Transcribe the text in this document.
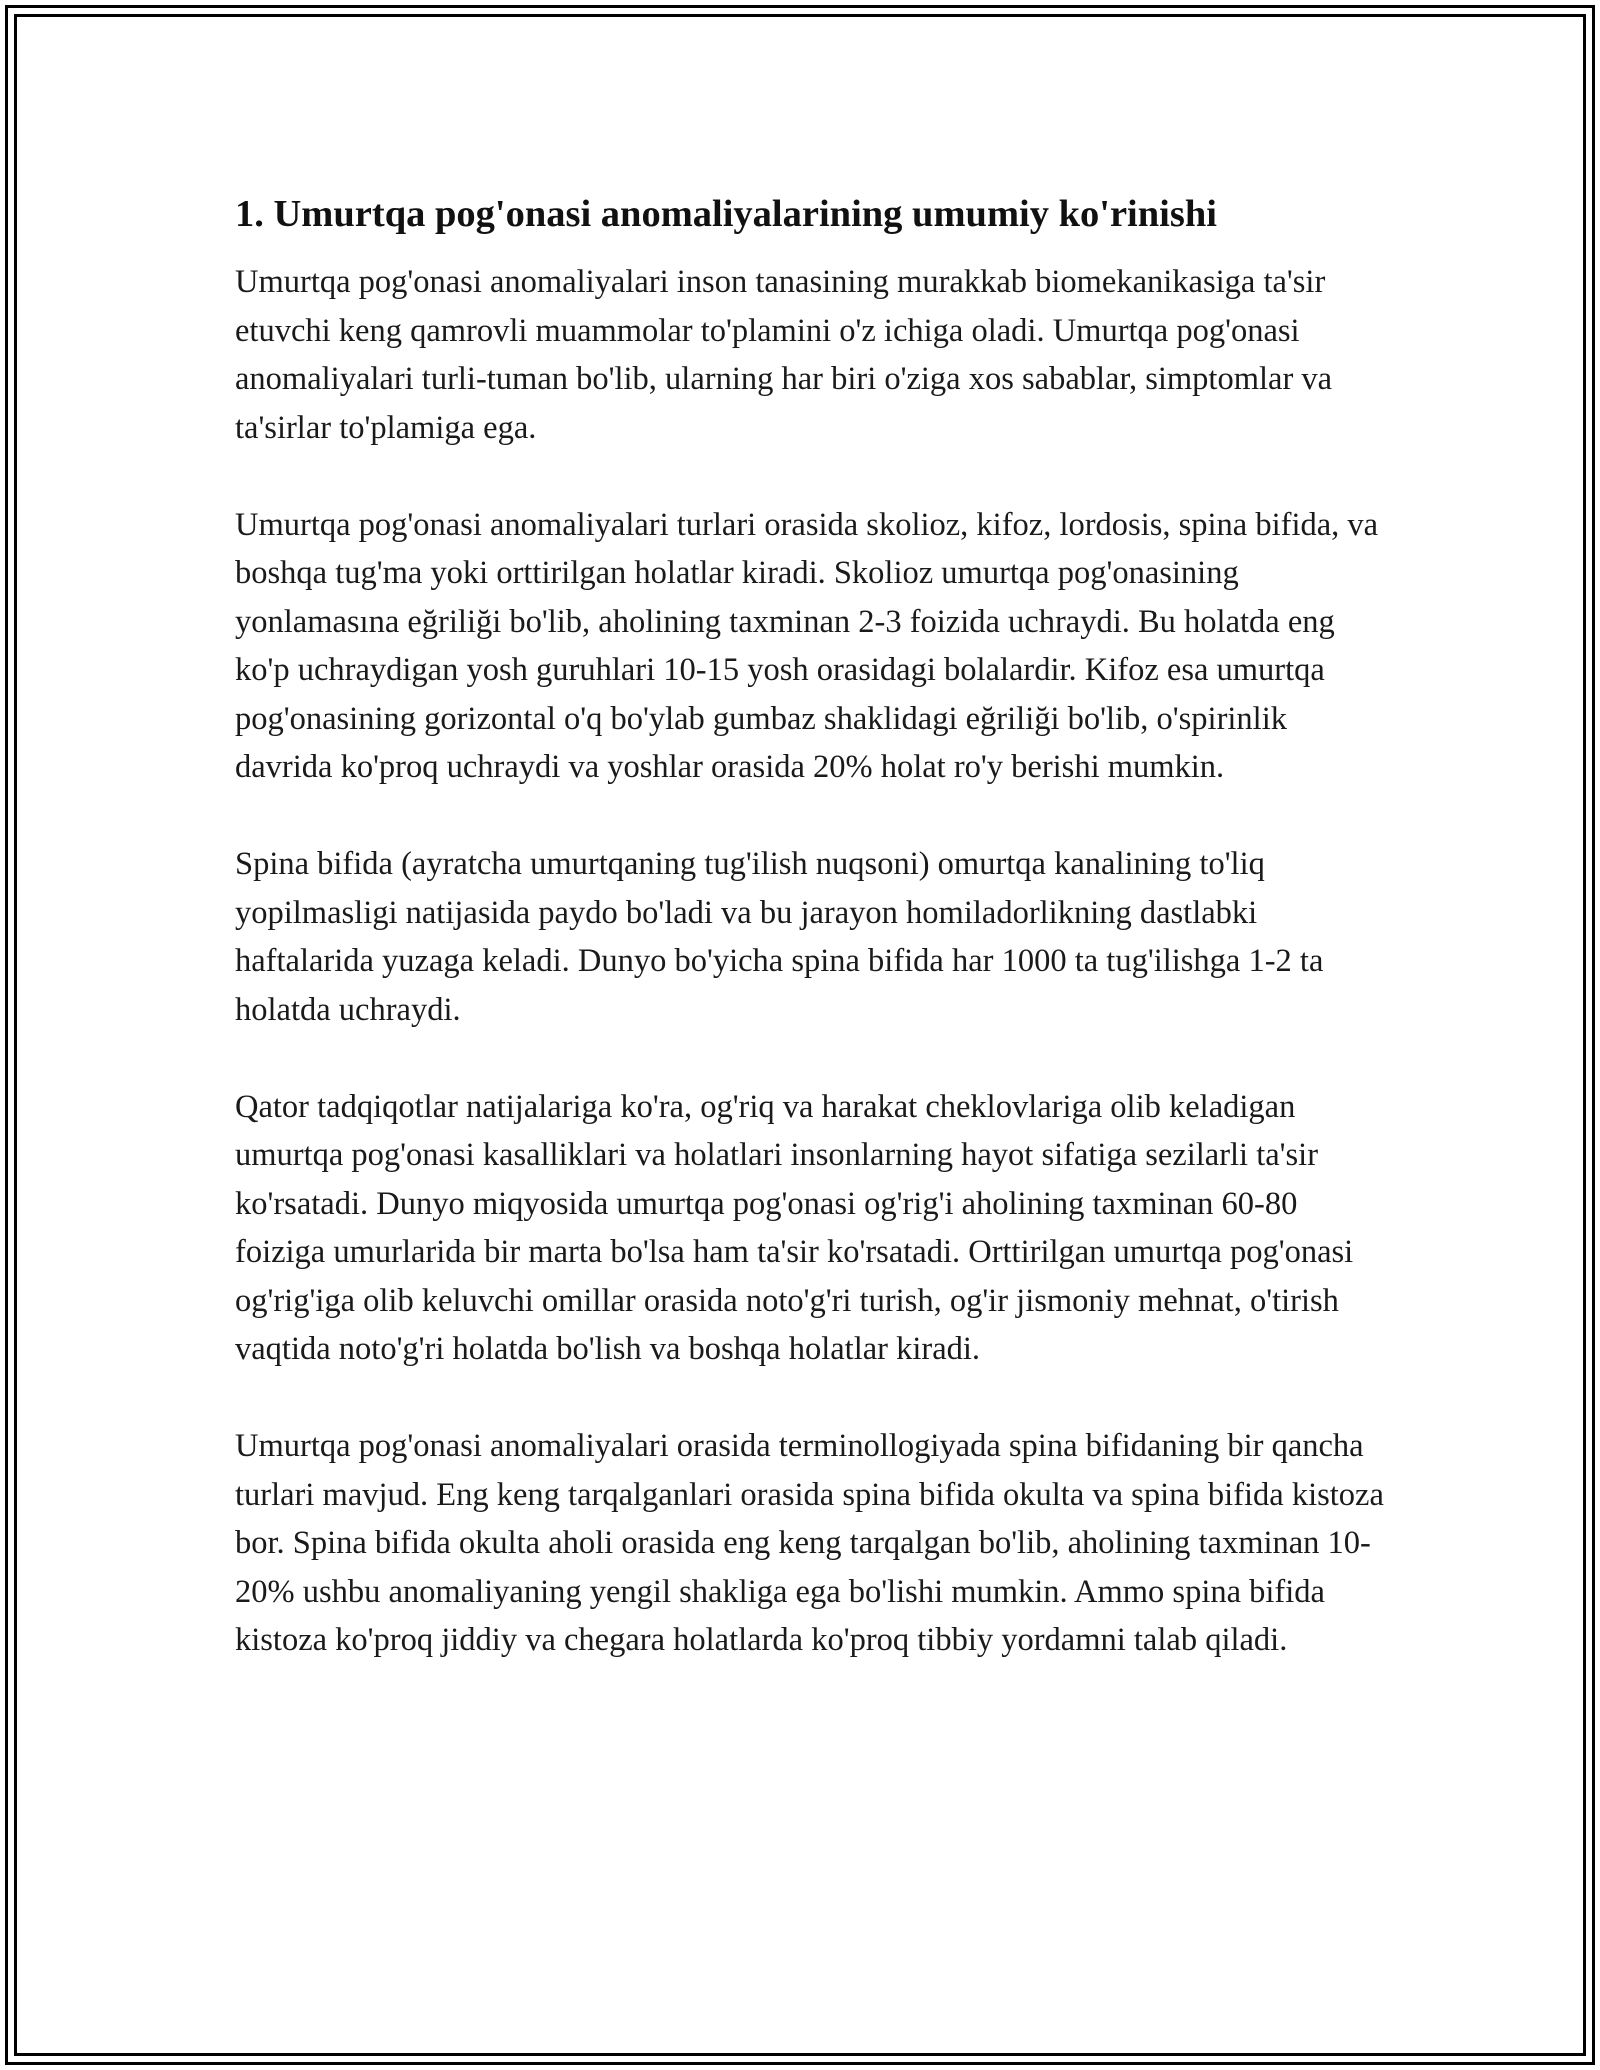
1. Umurtqa pog'onasi anomaliyalarining umumiy ko'rinishi

Umurtqa pog'onasi anomaliyalari inson tanasining murakkab biomekanikasiga ta'sir etuvchi keng qamrovli muammolar to'plamini o'z ichiga oladi. Umurtqa pog'onasi anomaliyalari turli-tuman bo'lib, ularning har biri o'ziga xos sabablar, simptomlar va ta'sirlar to'plamiga ega.

Umurtqa pog'onasi anomaliyalari turlari orasida skolioz, kifoz, lordosis, spina bifida, va boshqa tug'ma yoki orttirilgan holatlar kiradi. Skolioz umurtqa pog'onasining yonlamasına eğriliği bo'lib, aholining taxminan 2-3 foizida uchraydi. Bu holatda eng ko'p uchraydigan yosh guruhlari 10-15 yosh orasidagi bolalardir. Kifoz esa umurtqa pog'onasining gorizontal o'q bo'ylab gumbaz shaklidagi eğriliği bo'lib, o'spirinlik davrida ko'proq uchraydi va yoshlar orasida 20% holat ro'y berishi mumkin.

Spina bifida (ayratcha umurtqaning tug'ilish nuqsoni) omurtqa kanalining to'liq yopilmasligi natijasida paydo bo'ladi va bu jarayon homiladorlikning dastlabki haftalarida yuzaga keladi. Dunyo bo'yicha spina bifida har 1000 ta tug'ilishga 1-2 ta holatda uchraydi.

Qator tadqiqotlar natijalariga ko'ra, og'riq va harakat cheklovlariga olib keladigan umurtqa pog'onasi kasalliklari va holatlari insonlarning hayot sifatiga sezilarli ta'sir ko'rsatadi. Dunyo miqyosida umurtqa pog'onasi og'rig'i aholining taxminan 60-80 foiziga umurlarida bir marta bo'lsa ham ta'sir ko'rsatadi. Orttirilgan umurtqa pog'onasi og'rig'iga olib keluvchi omillar orasida noto'g'ri turish, og'ir jismoniy mehnat, o'tirish vaqtida noto'g'ri holatda bo'lish va boshqa holatlar kiradi.

Umurtqa pog'onasi anomaliyalari orasida terminollogiyada spina bifidaning bir qancha turlari mavjud. Eng keng tarqalganlari orasida spina bifida okulta va spina bifida kistoza bor. Spina bifida okulta aholi orasida eng keng tarqalgan bo'lib, aholining taxminan 10-20% ushbu anomaliyaning yengil shakliga ega bo'lishi mumkin. Ammo spina bifida kistoza ko'proq jiddiy va chegara holatlarda ko'proq tibbiy yordamni talab qiladi.
